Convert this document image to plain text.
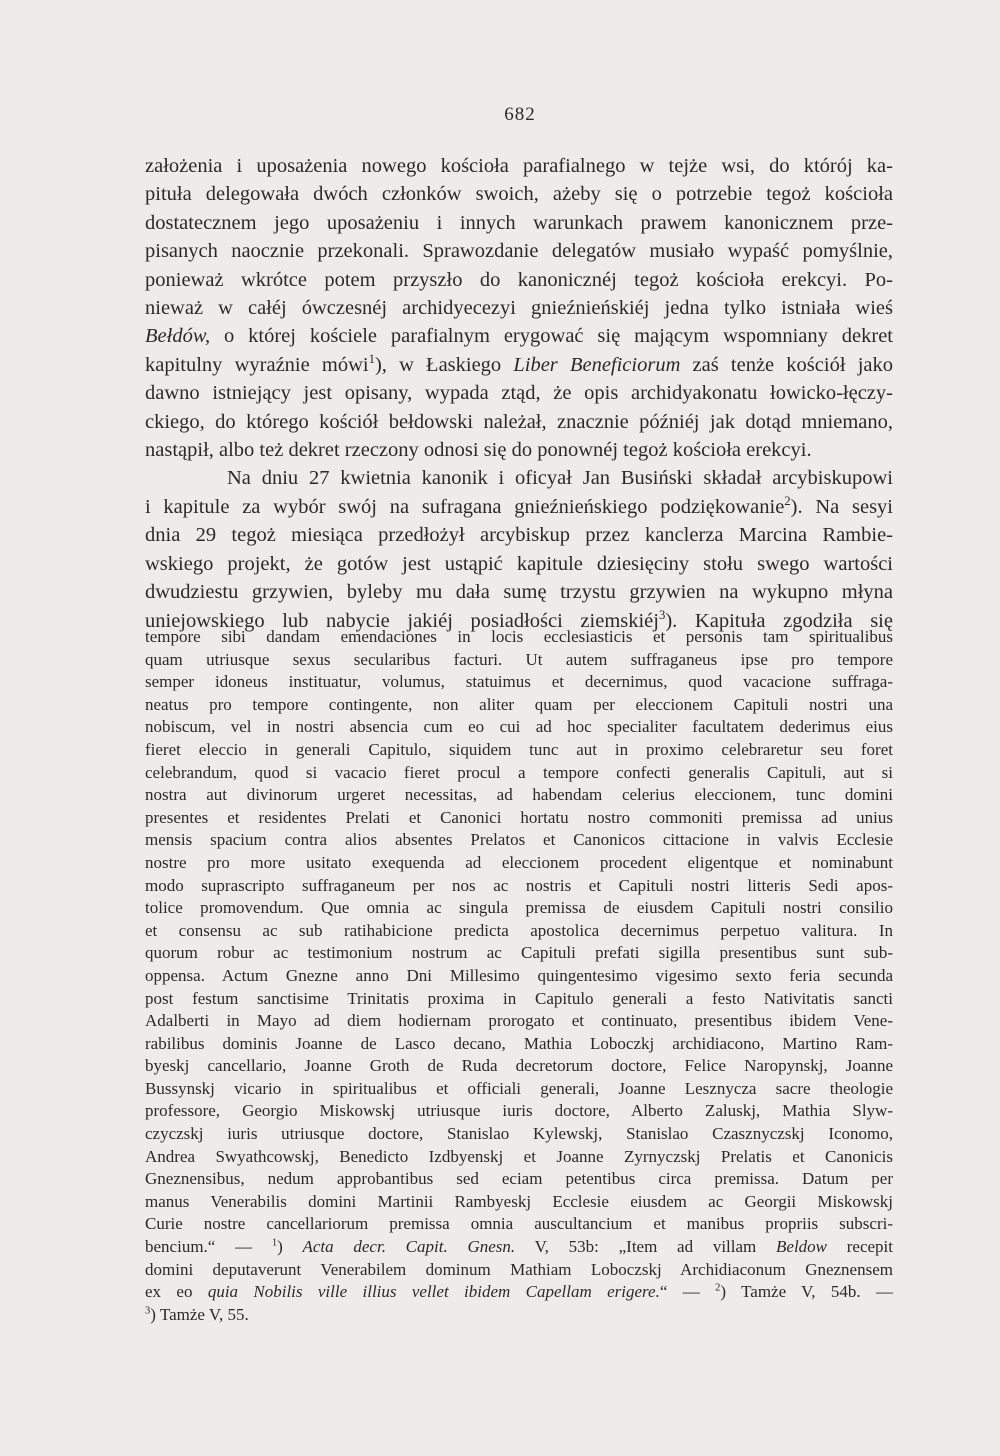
682
założenia i uposażenia nowego kościoła parafialnego w tejże wsi, do którój ka-
pituła delegowała dwóch członków swoich, ażeby się o potrzebie tegoż kościoła
dostatecznem jego uposażeniu i innych warunkach prawem kanonicznem prze-
pisanych naocznie przekonali. Sprawozdanie delegatów musiało wypaść pomyślnie,
ponieważ wkrótce potem przyszło do kanonicznéj tegoż kościoła erekcyi. Po-
nieważ w całéj ówczesnéj archidyecezyi gnieźnieńskiéj jedna tylko istniała wieś
Bełdów, o której kościele parafialnym erygować się mającym wspomniany dekret
kapitulny wyraźnie mówi$^1$), w Łaskiego Liber Beneficiorum zaś tenże kościół jako
dawno istniejący jest opisany, wypada ztąd, że opis archidyakonatu łowicko-łęczy-
ckiego, do którego kościół bełdowski należał, znacznie późniéj jak dotąd mniemano,
nastąpił, albo też dekret rzeczony odnosi się do ponownéj tegoż kościoła erekcyi.
Na dniu 27 kwietnia kanonik i oficyał Jan Busiński składał arcybiskupowi
i kapitule za wybór swój na sufragana gnieźnieńskiego podziękowanie$^2$). Na sesyi
dnia 29 tegoż miesiąca przedłożył arcybiskup przez kanclerza Marcina Rambie-
wskiego projekt, że gotów jest ustąpić kapitule dziesięciny stołu swego wartości
dwudziestu grzywien, byleby mu dała sumę trzystu grzywien na wykupno młyna
uniejowskiego lub nabycie jakiéj posiadłości ziemskiéj$^3$). Kapituła zgodziła się
tempore sibi dandam emendaciones in locis ecclesiasticis et personis tam spiritualibus
quam utriusque sexus secularibus facturi. Ut autem suffraganeus ipse pro tempore
semper idoneus instituatur, volumus, statuimus et decernimus, quod vacacione suffraga-
neatus pro tempore contingente, non aliter quam per eleccionem Capituli nostri una
nobiscum, vel in nostri absencia cum eo cui ad hoc specialiter facultatem dederimus eius
fieret eleccio in generali Capitulo, siquidem tunc aut in proximo celebraretur seu foret
celebrandum, quod si vacacio fieret procul a tempore confecti generalis Capituli, aut si
nostra aut divinorum urgeret necessitas, ad habendam celerius eleccionem, tunc domini
presentes et residentes Prelati et Canonici hortatu nostro commoniti premissa ad unius
mensis spacium contra alios absentes Prelatos et Canonicos cittacione in valvis Ecclesie
nostre pro more usitato exequenda ad eleccionem procedent eligentque et nominabunt
modo suprascripto suffraganeum per nos ac nostris et Capituli nostri litteris Sedi apos-
tolice promovendum. Que omnia ac singula premissa de eiusdem Capituli nostri consilio
et consensu ac sub ratihabicione predicta apostolica decernimus perpetuo valitura. In
quorum robur ac testimonium nostrum ac Capituli prefati sigilla presentibus sunt sub-
oppensa. Actum Gnezne anno Dni Millesimo quingentesimo vigesimo sexto feria secunda
post festum sanctisime Trinitatis proxima in Capitulo generali a festo Nativitatis sancti
Adalberti in Mayo ad diem hodiernam prorogato et continuato, presentibus ibidem Vene-
rabilibus dominis Joanne de Lasco decano, Mathia Loboczkj archidiacono, Martino Ram-
byeskj cancellario, Joanne Groth de Ruda decretorum doctore, Felice Naropynskj, Joanne
Bussynskj vicario in spiritualibus et officiali generali, Joanne Lesznycza sacre theologie
professore, Georgio Miskowskj utriusque iuris doctore, Alberto Zaluskj, Mathia Slyw-
czyczskj iuris utriusque doctore, Stanislao Kylewskj, Stanislao Czasznyczskj Iconomo,
Andrea Swyathcowskj, Benedicto Izdbyenskj et Joanne Zyrnyczskj Prelatis et Canonicis
Gneznensibus, nedum approbantibus sed eciam petentibus circa premissa. Datum per
manus Venerabilis domini Martinii Rambyeskj Ecclesie eiusdem ac Georgii Miskowskj
Curie nostre cancellariorum premissa omnia auscultancium et manibus propriis subscri-
bencium.“ — $^1$) Acta decr. Capit. Gnesn. V, 53b: „Item ad villam Beldow recepit
domini deputaverunt Venerabilem dominum Mathiam Loboczskj Archidiaconum Gneznensem
ex eo quia Nobilis ville illius vellet ibidem Capellam erigere.“ — $^2$) Tamże V, 54b. —
$^3$) Tamże V, 55.
